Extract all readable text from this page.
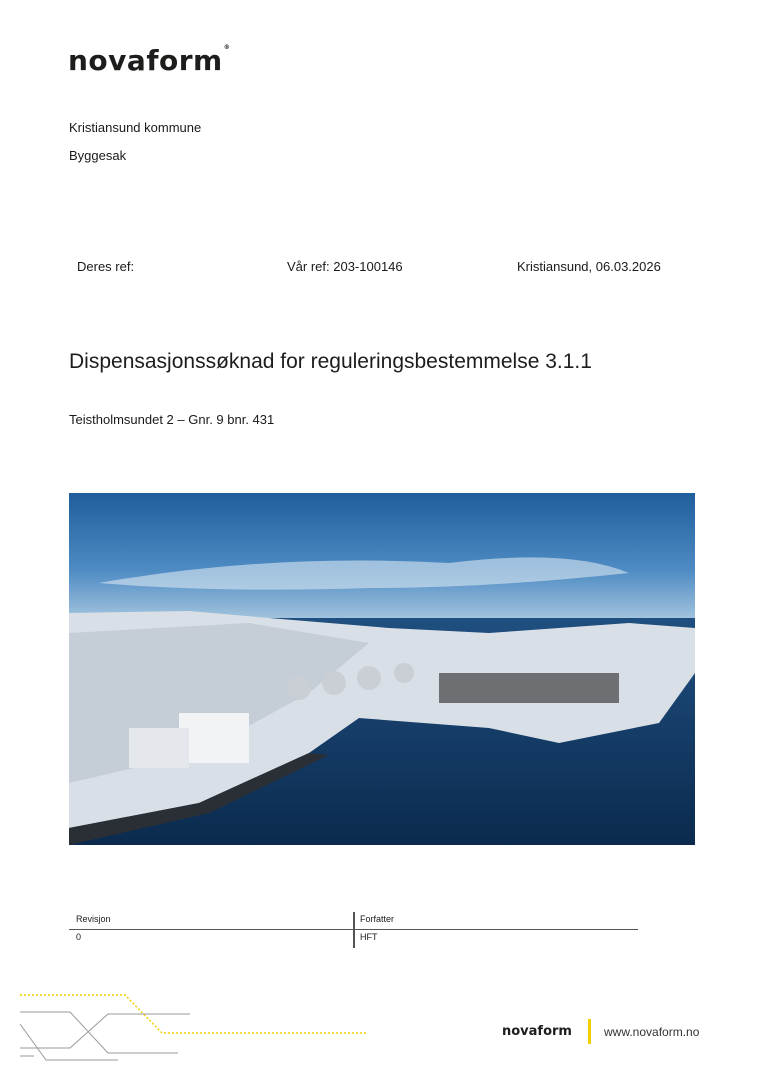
novaform®
Kristiansund kommune
Byggesak
Deres ref:	Vår ref: 203-100146	Kristiansund, 06.03.2026
Dispensasjonssøknad for reguleringsbestemmelse 3.1.1
Teistholmsundet 2 – Gnr. 9 bnr. 431
Revisjon	Forfatter
0	HFT
novaform	www.novaform.no
